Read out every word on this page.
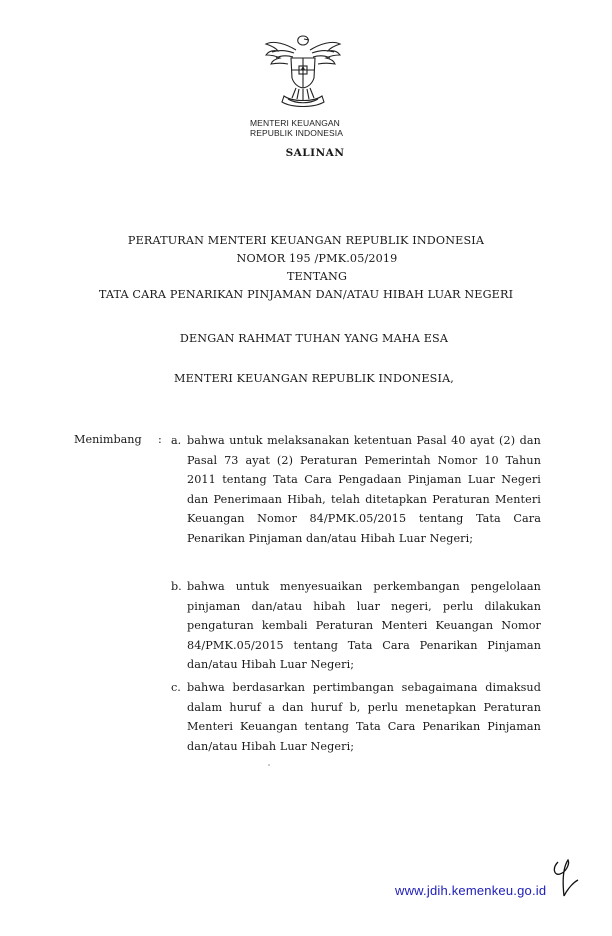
MENTERI KEUANGAN
REPUBLIK INDONESIA
SALINAN
PERATURAN MENTERI KEUANGAN REPUBLIK INDONESIA
NOMOR 195 /PMK.05/2019
TENTANG
TATA CARA PENARIKAN PINJAMAN DAN/ATAU HIBAH LUAR NEGERI
DENGAN RAHMAT TUHAN YANG MAHA ESA
MENTERI KEUANGAN REPUBLIK INDONESIA,
Menimbang : a. bahwa untuk melaksanakan ketentuan Pasal 40 ayat (2) dan Pasal 73 ayat (2) Peraturan Pemerintah Nomor 10 Tahun 2011 tentang Tata Cara Pengadaan Pinjaman Luar Negeri dan Penerimaan Hibah, telah ditetapkan Peraturan Menteri Keuangan Nomor 84/PMK.05/2015 tentang Tata Cara Penarikan Pinjaman dan/atau Hibah Luar Negeri;
b. bahwa untuk menyesuaikan perkembangan pengelolaan pinjaman dan/atau hibah luar negeri, perlu dilakukan pengaturan kembali Peraturan Menteri Keuangan Nomor 84/PMK.05/2015 tentang Tata Cara Penarikan Pinjaman dan/atau Hibah Luar Negeri;
c. bahwa berdasarkan pertimbangan sebagaimana dimaksud dalam huruf a dan huruf b, perlu menetapkan Peraturan Menteri Keuangan tentang Tata Cara Penarikan Pinjaman dan/atau Hibah Luar Negeri;
www.jdih.kemenkeu.go.id
